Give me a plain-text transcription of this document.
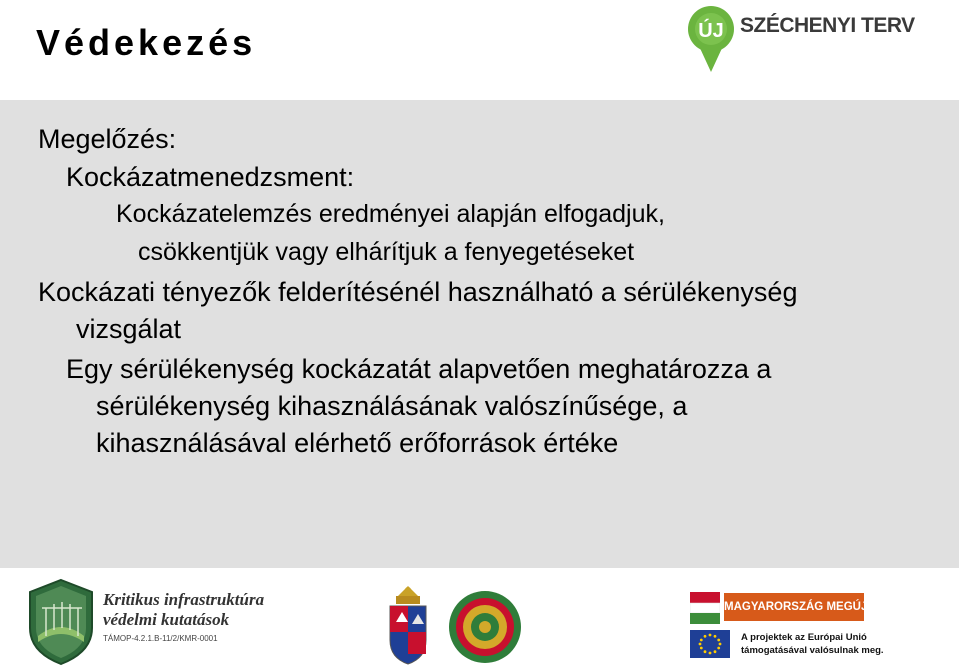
Védekezés	ÚJ SZÉCHENYI TERV
Megelőzés:
Kockázatmenedzsment:
Kockázatelemzés eredményei alapján elfogadjuk,
csökkentjük vagy elhárítjuk a fenyegetéseket
Kockázati tényezők felderítésénél használható a sérülékenység
vizsgálat
Egy sérülékenység kockázatát alapvetően meghatározza a
sérülékenység kihasználásának valószínűsége, a
kihasználásával elérhető erőforrások értéke
Kritikus infrastruktúra
védelmi kutatások
TÁMOP-4.2.1.B-11/2/KMR-0001
MAGYARORSZÁG MEGÚJUL
A projektek az Európai Unió
támogatásával valósulnak meg.
